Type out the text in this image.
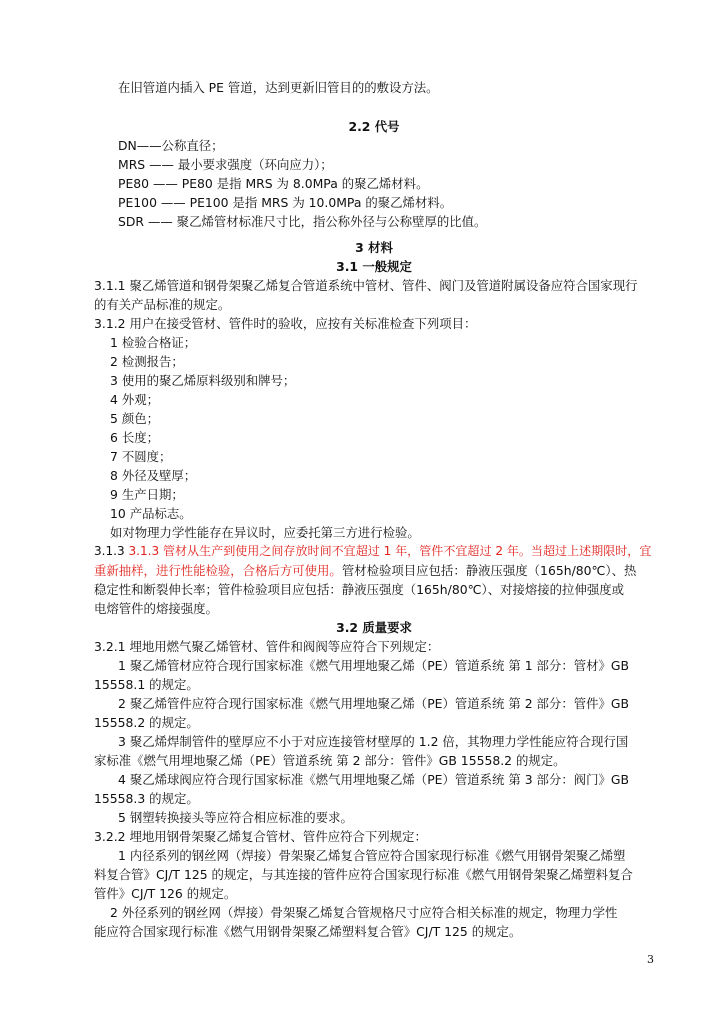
在旧管道内插入 PE 管道，达到更新旧管目的的敷设方法。
2.2 代号
DN——公称直径；
MRS —— 最小要求强度（环向应力）；
PE80 —— PE80 是指 MRS 为 8.0MPa 的聚乙烯材料。
PE100 —— PE100 是指 MRS 为 10.0MPa 的聚乙烯材料。
SDR —— 聚乙烯管材标准尺寸比，指公称外径与公称壁厚的比值。
3 材料
3.1 一般规定
3.1.1 聚乙烯管道和钢骨架聚乙烯复合管道系统中管材、管件、阀门及管道附属设备应符合国家现行
的有关产品标准的规定。
3.1.2 用户在接受管材、管件时的验收，应按有关标准检查下列项目：
1 检验合格证；
2 检测报告；
3 使用的聚乙烯原料级别和牌号；
4 外观；
5 颜色；
6 长度；
7 不圆度；
8 外径及壁厚；
9 生产日期；
10 产品标志。
如对物理力学性能存在异议时，应委托第三方进行检验。
3.1.3 3.1.3 管材从生产到使用之间存放时间不宜超过 1 年，管件不宜超过 2 年。当超过上述期限时，宜
重新抽样，进行性能检验，合格后方可使用。管材检验项目应包括：静液压强度（165h/80℃）、热
稳定性和断裂伸长率；管件检验项目应包括：静液压强度（165h/80℃）、对接熔接的拉伸强度或
电熔管件的熔接强度。
3.2 质量要求
3.2.1 埋地用燃气聚乙烯管材、管件和阀阀等应符合下列规定：
1 聚乙烯管材应符合现行国家标准《燃气用埋地聚乙烯（PE）管道系统 第 1 部分：管材》GB
15558.1 的规定。
2 聚乙烯管件应符合现行国家标准《燃气用埋地聚乙烯（PE）管道系统 第 2 部分：管件》GB
15558.2 的规定。
3 聚乙烯焊制管件的壁厚应不小于对应连接管材壁厚的 1.2 倍，其物理力学性能应符合现行国
家标准《燃气用埋地聚乙烯（PE）管道系统 第 2 部分：管件》GB 15558.2 的规定。
4 聚乙烯球阀应符合现行国家标准《燃气用埋地聚乙烯（PE）管道系统 第 3 部分：阀门》GB
15558.3 的规定。
5 钢塑转换接头等应符合相应标准的要求。
3.2.2 埋地用钢骨架聚乙烯复合管材、管件应符合下列规定：
1 内径系列的钢丝网（焊接）骨架聚乙烯复合管应符合国家现行标准《燃气用钢骨架聚乙烯塑
料复合管》CJ/T 125 的规定，与其连接的管件应符合国家现行标准《燃气用钢骨架聚乙烯塑料复合
管件》CJ/T 126 的规定。
2 外径系列的钢丝网（焊接）骨架聚乙烯复合管规格尺寸应符合相关标准的规定，物理力学性
能应符合国家现行标准《燃气用钢骨架聚乙烯塑料复合管》CJ/T 125 的规定。
3
